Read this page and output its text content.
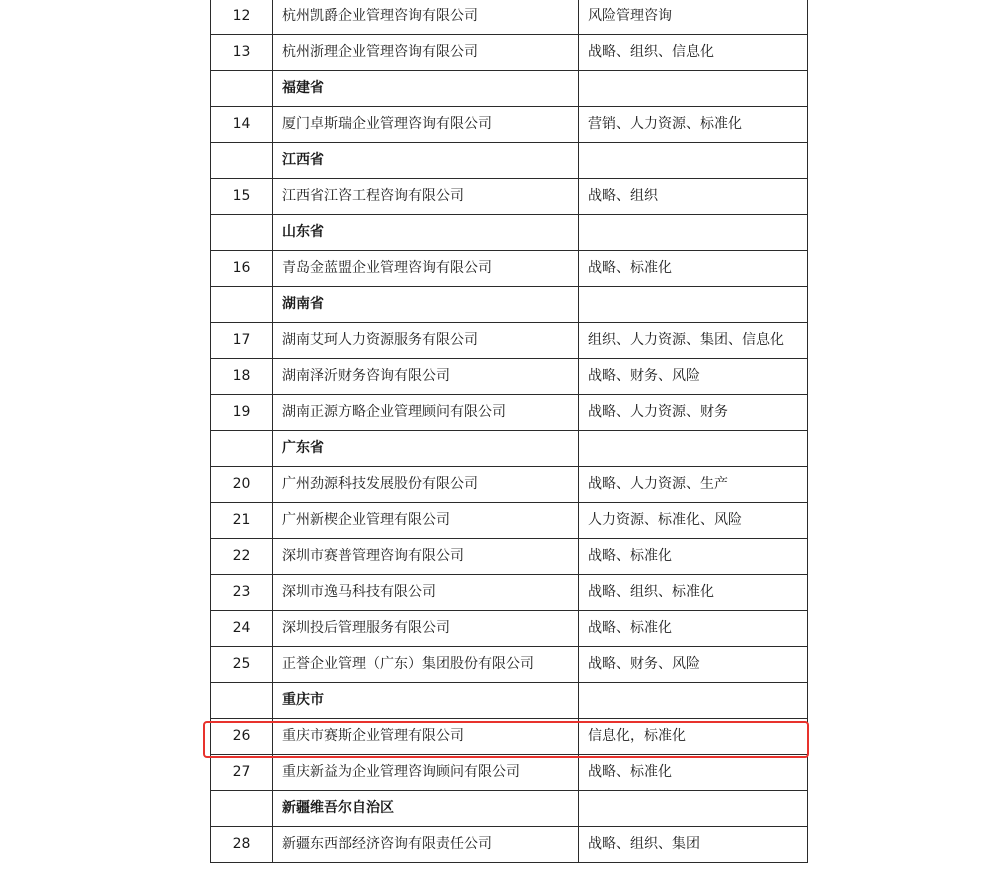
12	杭州凯爵企业管理咨询有限公司	风险管理咨询
13	杭州浙理企业管理咨询有限公司	战略、组织、信息化
	福建省	
14	厦门卓斯瑞企业管理咨询有限公司	营销、人力资源、标准化
	江西省	
15	江西省江咨工程咨询有限公司	战略、组织
	山东省	
16	青岛金蓝盟企业管理咨询有限公司	战略、标准化
	湖南省	
17	湖南艾珂人力资源服务有限公司	组织、人力资源、集团、信息化
18	湖南泽沂财务咨询有限公司	战略、财务、风险
19	湖南正源方略企业管理顾问有限公司	战略、人力资源、财务
	广东省	
20	广州劲源科技发展股份有限公司	战略、人力资源、生产
21	广州新楔企业管理有限公司	人力资源、标准化、风险
22	深圳市赛普管理咨询有限公司	战略、标准化
23	深圳市逸马科技有限公司	战略、组织、标准化
24	深圳投后管理服务有限公司	战略、标准化
25	正誉企业管理（广东）集团股份有限公司	战略、财务、风险
	重庆市	
26	重庆市赛斯企业管理有限公司	信息化，标准化
27	重庆新益为企业管理咨询顾问有限公司	战略、标准化
	新疆维吾尔自治区	
28	新疆东西部经济咨询有限责任公司	战略、组织、集团
